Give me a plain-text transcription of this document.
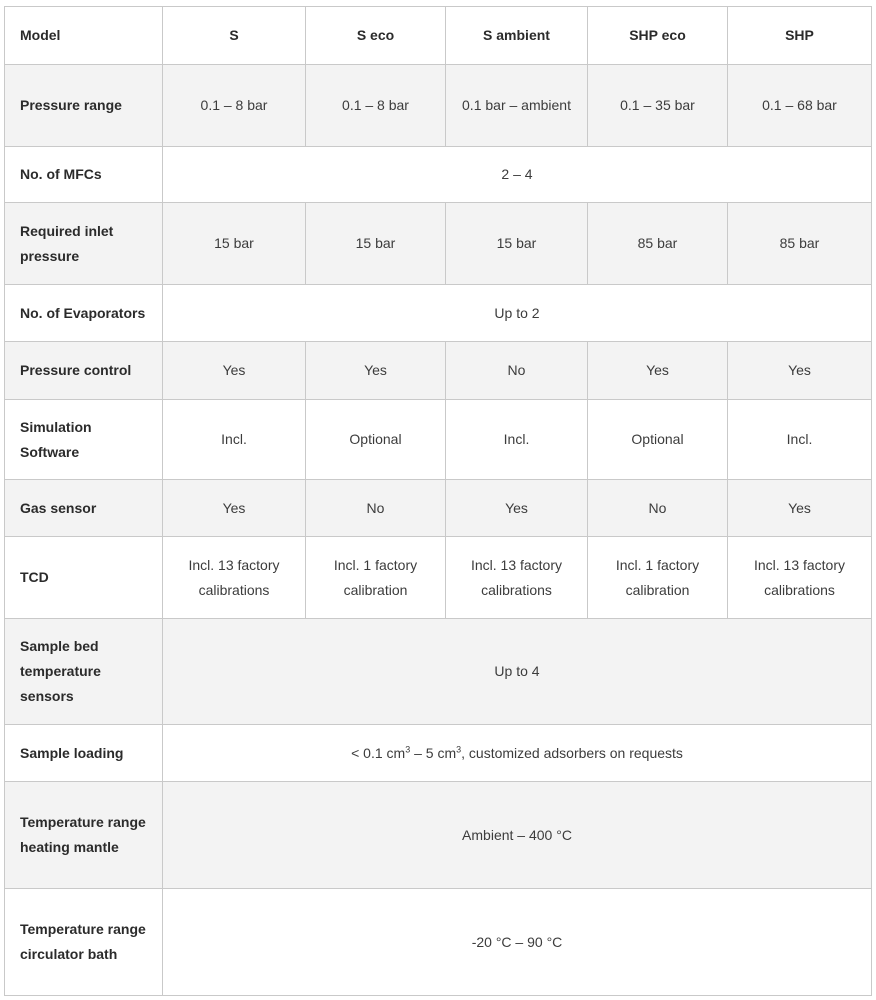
Model	S	S eco	S ambient	SHP eco	SHP
Pressure range	0.1 – 8 bar	0.1 – 8 bar	0.1 bar – ambient	0.1 – 35 bar	0.1 – 68 bar
No. of MFCs	2 – 4				
Required inlet pressure	15 bar	15 bar	15 bar	85 bar	85 bar
No. of Evaporators	Up to 2				
Pressure control	Yes	Yes	No	Yes	Yes
Simulation Software	Incl.	Optional	Incl.	Optional	Incl.
Gas sensor	Yes	No	Yes	No	Yes
TCD	Incl. 13 factory calibrations	Incl. 1 factory calibration	Incl. 13 factory calibrations	Incl. 1 factory calibration	Incl. 13 factory calibrations
Sample bed temperature sensors	Up to 4				
Sample loading	< 0.1 $cm^3 - 5$ $cm^3$, customized adsorbers on requests				
Temperature range heating mantle	Ambient – 400 °C				
Temperature range circulator bath	-20 °C – 90 °C				
